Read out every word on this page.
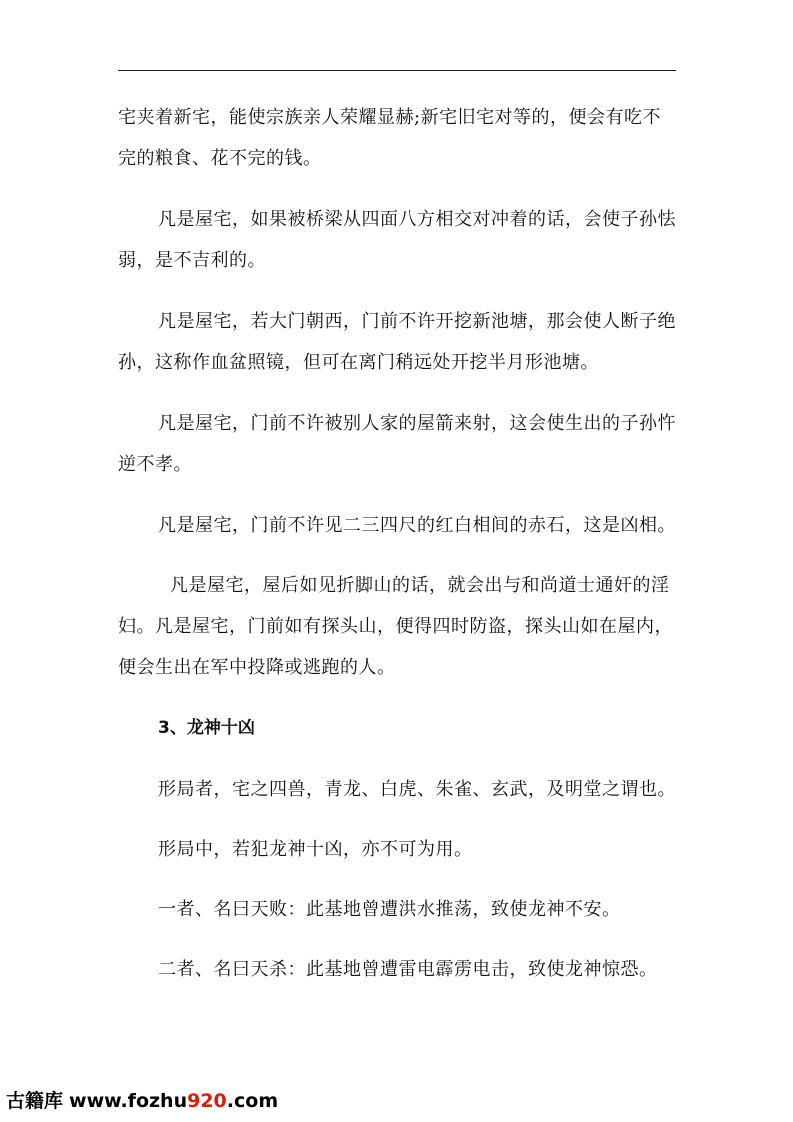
宅夹着新宅，能使宗族亲人荣耀显赫;新宅旧宅对等的，便会有吃不
完的粮食、花不完的钱。
凡是屋宅，如果被桥梁从四面八方相交对冲着的话，会使子孙怯
弱，是不吉利的。
凡是屋宅，若大门朝西，门前不许开挖新池塘，那会使人断子绝
孙，这称作血盆照镜，但可在离门稍远处开挖半月形池塘。
凡是屋宅，门前不许被别人家的屋箭来射，这会使生出的子孙忤
逆不孝。
凡是屋宅，门前不许见二三四尺的红白相间的赤石，这是凶相。
凡是屋宅，屋后如见折脚山的话，就会出与和尚道士通奸的淫
妇。凡是屋宅，门前如有探头山，便得四时防盗，探头山如在屋内，
便会生出在军中投降或逃跑的人。
3、龙神十凶
形局者，宅之四兽，青龙、白虎、朱雀、玄武，及明堂之谓也。
形局中，若犯龙神十凶，亦不可为用。
一者、名曰天败：此基地曾遭洪水推荡，致使龙神不安。
二者、名曰天杀：此基地曾遭雷电霹雳电击，致使龙神惊恐。
古籍库 www.fozhu920.com
